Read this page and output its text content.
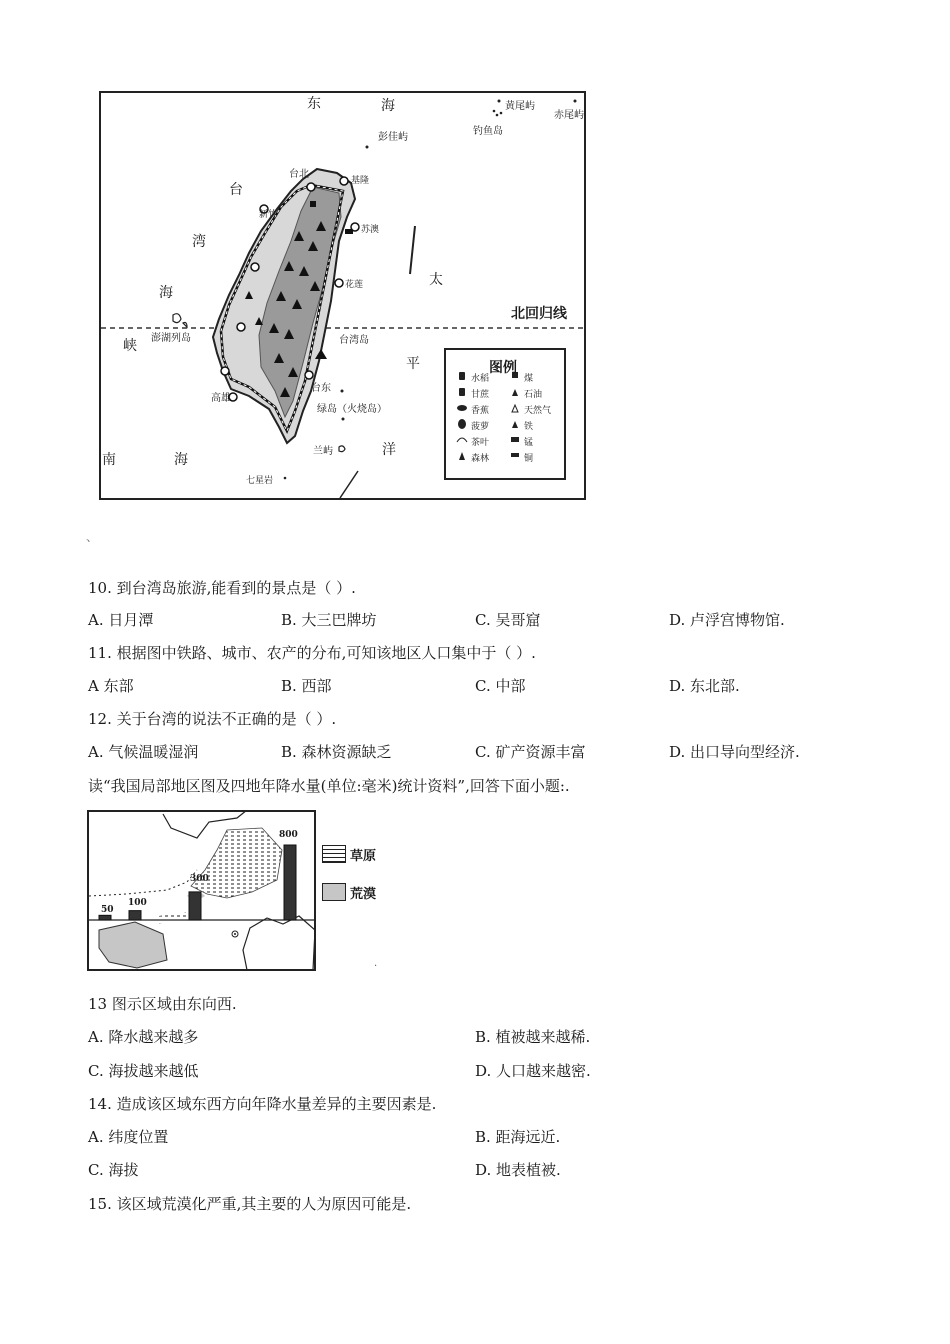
东	海	黄尾屿
赤尾屿
钓鱼岛
彭佳屿
台
湾
海
峡
南	海
太
平
洋
北回归线
台北
基隆
新竹
苏澳
花莲
台湾岛
澎湖列岛
台东
高雄
绿岛（火烧岛）
兰屿
七星岩
图例
水稻	煤
甘蔗	石油
香蕉	天然气
菠萝	铁
茶叶	锰
森林	铜
、
10. 到台湾岛旅游,能看到的景点是（ ）.
A. 日月潭	B. 大三巴牌坊	C. 吴哥窟	D. 卢浮宫博物馆.
11. 根据图中铁路、城市、农产的分布,可知该地区人口集中于（ ）.
A 东部	B. 西部	C. 中部	D. 东北部.
12. 关于台湾的说法不正确的是（ ）.
A. 气候温暖湿润	B. 森林资源缺乏	C. 矿产资源丰富	D. 出口导向型经济.
读“我国局部地区图及四地年降水量(单位:毫米)统计资料”,回答下面小题:.
50
100
300
800
草原
荒漠
.
13 图示区域由东向西.
A. 降水越来越多	B. 植被越来越稀.
C. 海拔越来越低	D. 人口越来越密.
14. 造成该区域东西方向年降水量差异的主要因素是.
A. 纬度位置	B. 距海远近.
C. 海拔	D. 地表植被.
15. 该区域荒漠化严重,其主要的人为原因可能是.
